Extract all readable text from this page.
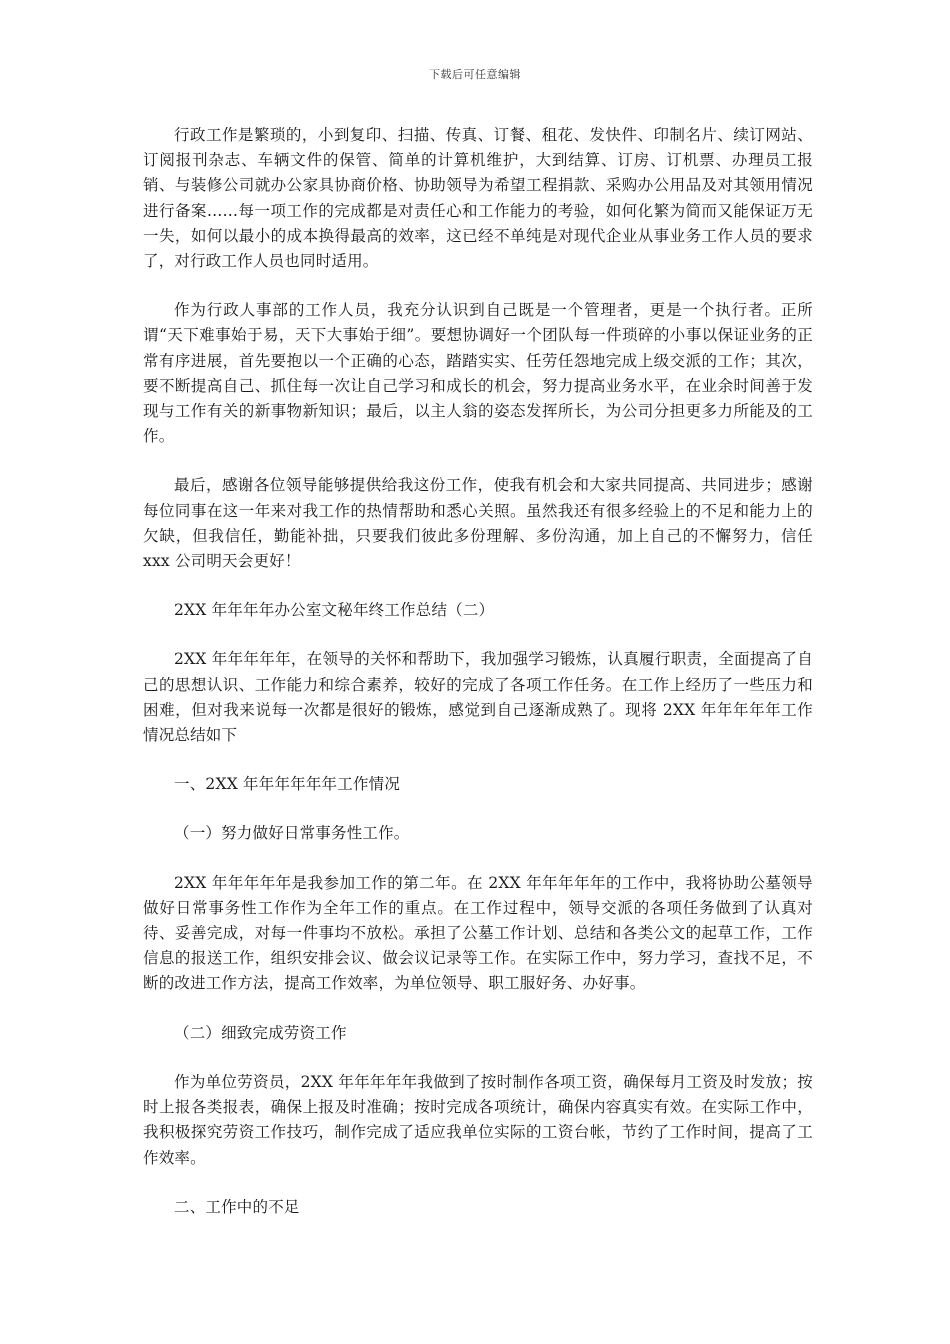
下载后可任意编辑

行政工作是繁琐的，小到复印、扫描、传真、订餐、租花、发快件、印制名片、续订网站、订阅报刊杂志、车辆文件的保管、简单的计算机维护，大到结算、订房、订机票、办理员工报销、与装修公司就办公家具协商价格、协助领导为希望工程捐款、采购办公用品及对其领用情况进行备案……每一项工作的完成都是对责任心和工作能力的考验，如何化繁为简而又能保证万无一失，如何以最小的成本换得最高的效率，这已经不单纯是对现代企业从事业务工作人员的要求了，对行政工作人员也同时适用。

作为行政人事部的工作人员，我充分认识到自己既是一个管理者，更是一个执行者。正所谓“天下难事始于易，天下大事始于细”。要想协调好一个团队每一件琐碎的小事以保证业务的正常有序进展，首先要抱以一个正确的心态，踏踏实实、任劳任怨地完成上级交派的工作；其次，要不断提高自己、抓住每一次让自己学习和成长的机会，努力提高业务水平，在业余时间善于发现与工作有关的新事物新知识；最后，以主人翁的姿态发挥所长，为公司分担更多力所能及的工作。

最后，感谢各位领导能够提供给我这份工作，使我有机会和大家共同提高、共同进步；感谢每位同事在这一年来对我工作的热情帮助和悉心关照。虽然我还有很多经验上的不足和能力上的欠缺，但我信任，勤能补拙，只要我们彼此多份理解、多份沟通，加上自己的不懈努力，信任 xxx 公司明天会更好！

2XX 年年年年办公室文秘年终工作总结（二）

2XX 年年年年年，在领导的关怀和帮助下，我加强学习锻炼，认真履行职责，全面提高了自己的思想认识、工作能力和综合素养，较好的完成了各项工作任务。在工作上经历了一些压力和困难，但对我来说每一次都是很好的锻炼，感觉到自己逐渐成熟了。现将 2XX 年年年年年工作情况总结如下

一、2XX 年年年年年年工作情况

（一）努力做好日常事务性工作。

2XX 年年年年年是我参加工作的第二年。在 2XX 年年年年年的工作中，我将协助公墓领导做好日常事务性工作作为全年工作的重点。在工作过程中，领导交派的各项任务做到了认真对待、妥善完成，对每一件事均不放松。承担了公墓工作计划、总结和各类公文的起草工作，工作信息的报送工作，组织安排会议、做会议记录等工作。在实际工作中，努力学习，查找不足，不断的改进工作方法，提高工作效率，为单位领导、职工服好务、办好事。

（二）细致完成劳资工作

作为单位劳资员，2XX 年年年年年我做到了按时制作各项工资，确保每月工资及时发放；按时上报各类报表，确保上报及时准确；按时完成各项统计，确保内容真实有效。在实际工作中，我积极探究劳资工作技巧，制作完成了适应我单位实际的工资台帐，节约了工作时间，提高了工作效率。

二、工作中的不足
